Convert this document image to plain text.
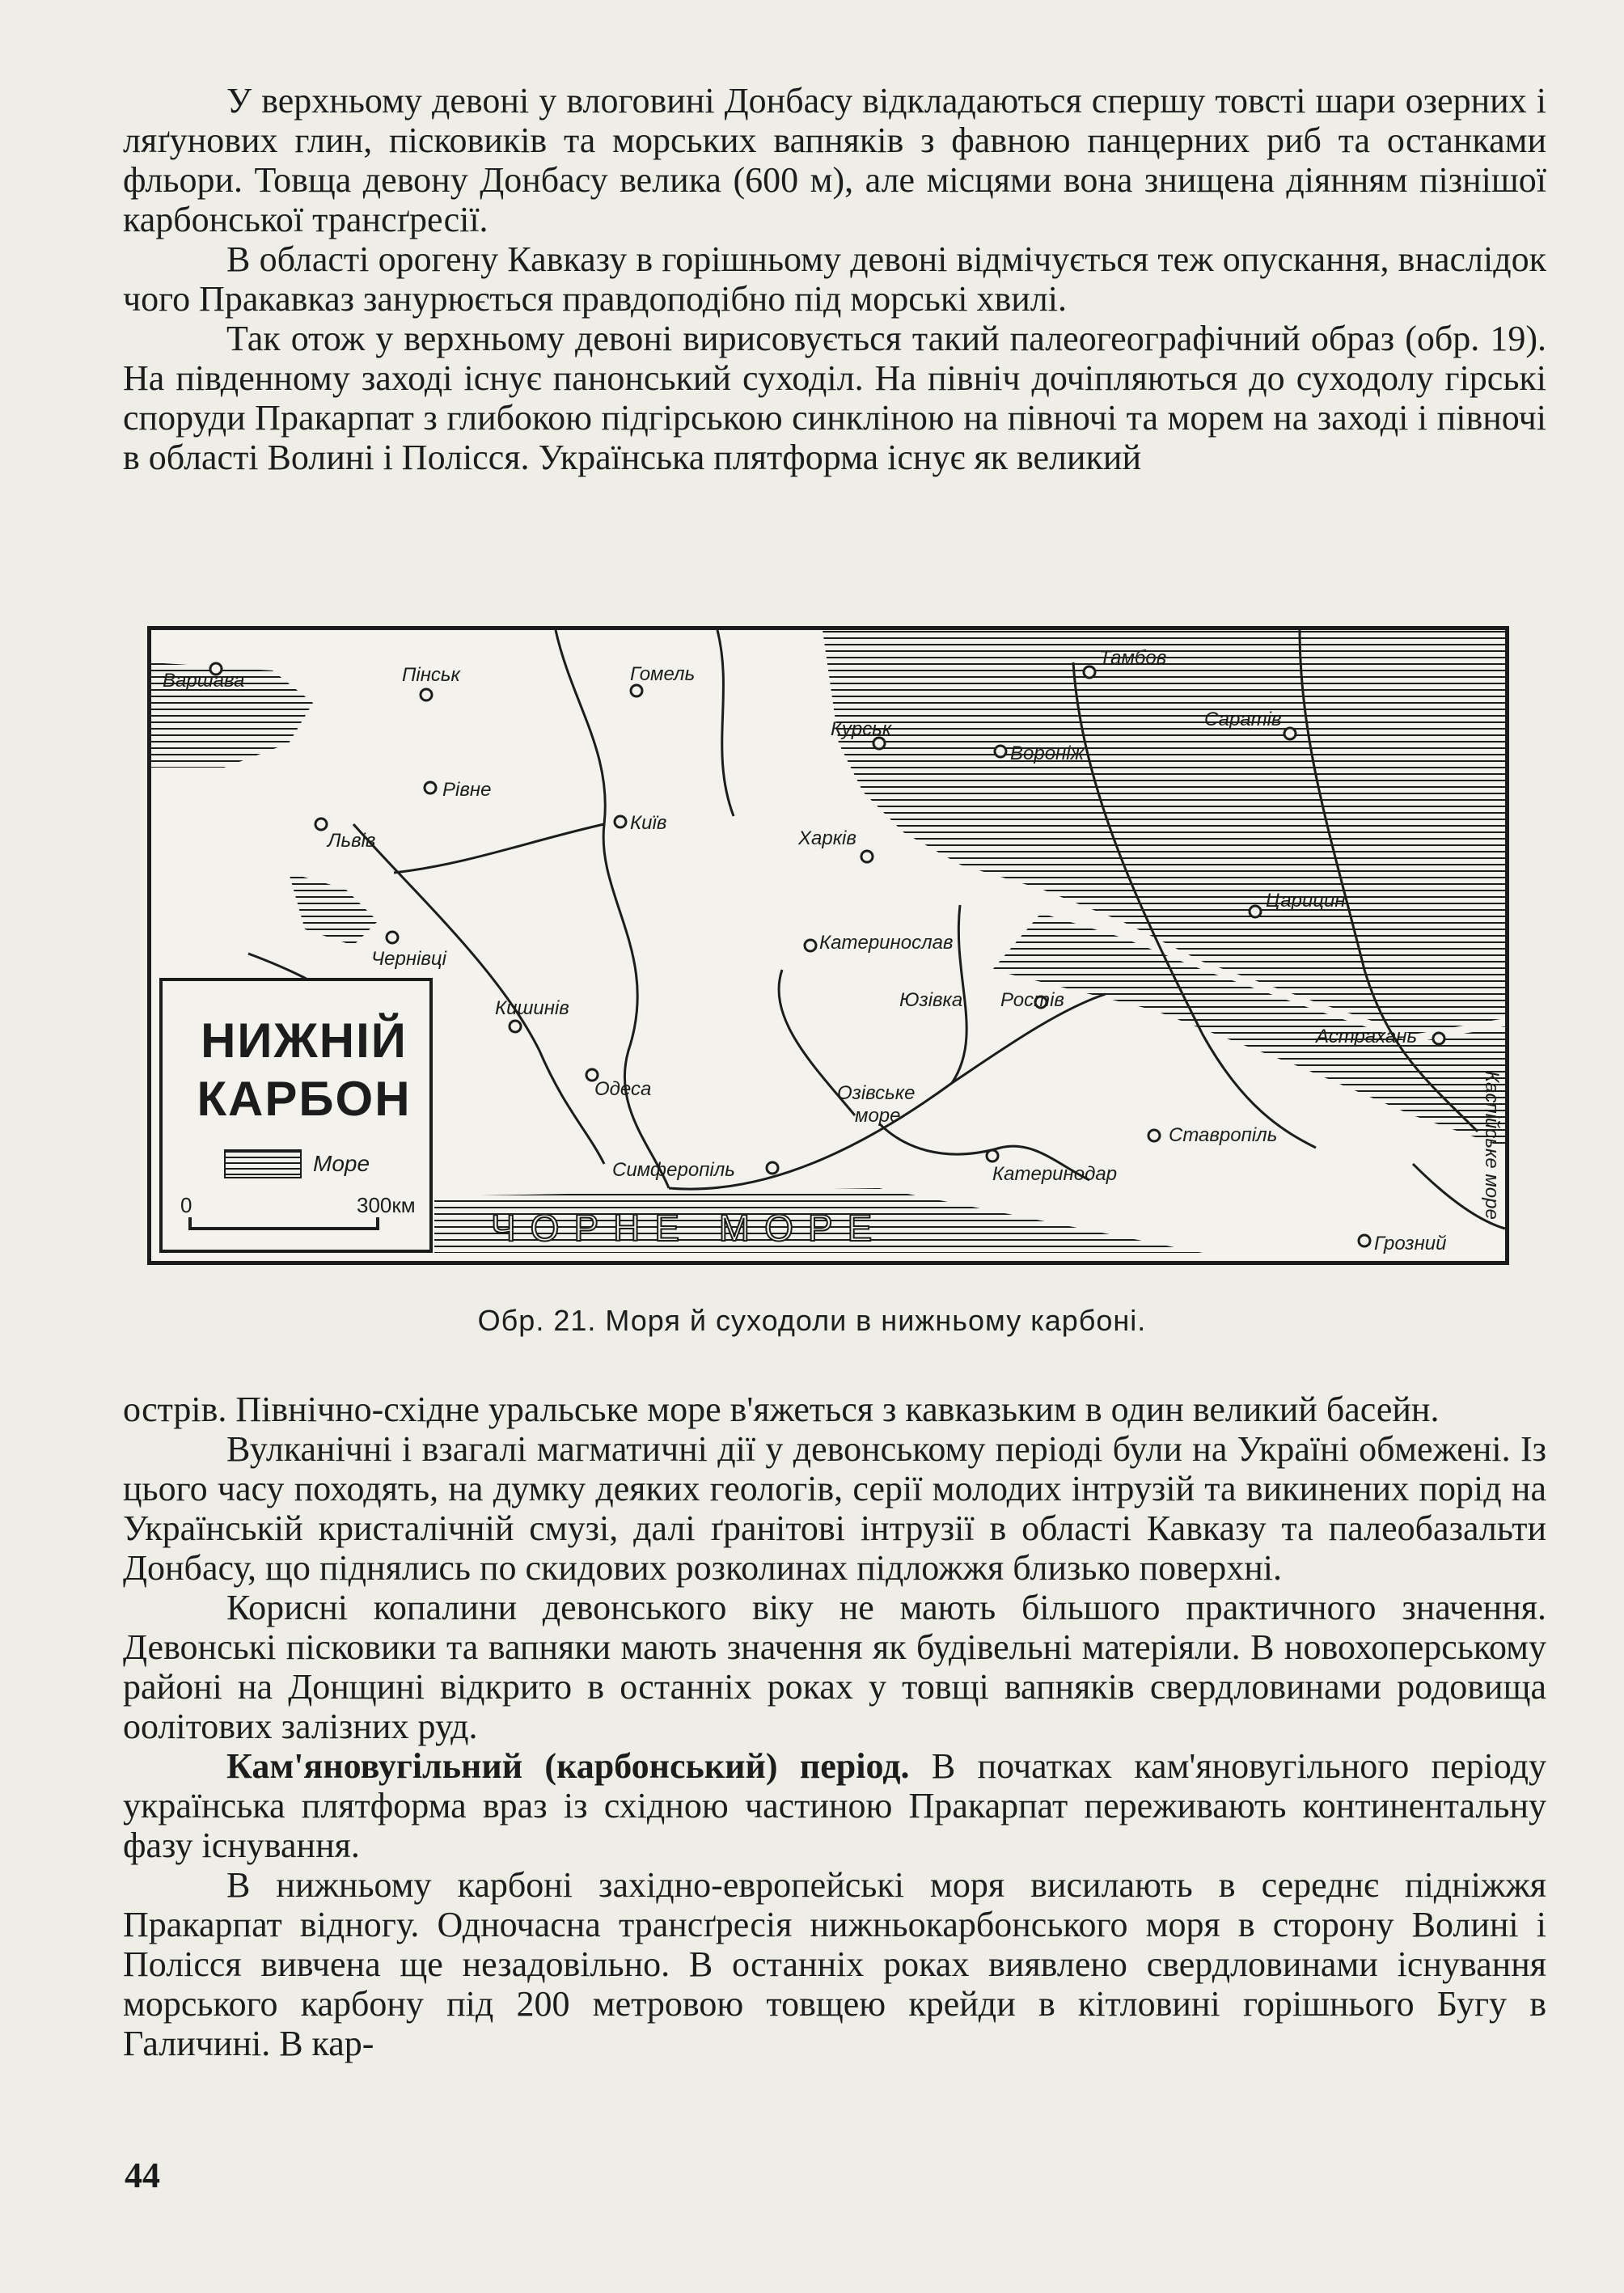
У верхньому девоні у влоговині Донбасу відкладаються спершу товсті шари озерних і ляґунових глин, пісковиків та морських вапняків з фавною панцерних риб та останками фльори. Товща девону Донбасу велика (600 м), але місцями вона знищена діянням пізнішої карбонської трансґресії.

В області орогену Кавказу в горішньому девоні відмічується теж опускання, внаслідок чого Пракавказ занурюється правдоподібно під морські хвилі.

Так отож у верхньому девоні вирисовується такий палеогеографічний образ (обр. 19). На південному заході існує панонський суходіл. На північ дочіпляються до суходолу гірські споруди Пракарпат з глибокою підгірською синкліною на півночі та морем на заході і півночі в області Волині і Полісся. Українська плятформа існує як великий

Варшава	Пінськ	Гомель
Тамбов
Саратів
Курськ
Воронiж
Рiвне
Львiв
Київ
Харкiв
Царицин
Катеринослав
Чернiвцi
Юзiвка Ростiв
Кишинiв
Астрахань
Одеса	Озiвське
море
Ставропiль
Симферопiль	Катеринодар
Грозний
Каспiйське море
ЧОРНЕ МОРЕ
НИЖНІЙ
КАРБОН
Море
0	300км
Обр. 21. Моря й суходоли в нижньому карбоні.

острів. Північно-східне уральське море в'яжеться з кавказьким в один великий басейн.

Вулканічні і взагалі магматичні дії у девонському періоді були на Україні обмежені. Із цього часу походять, на думку деяких геологів, серії молодих інтрузій та викинених порід на Українській кристалічній смузі, далі ґранітові інтрузії в області Кавказу та палеобазальти Донбасу, що піднялись по скидових розколинах підложжя близько поверхні.

Корисні копалини девонського віку не мають більшого практичного значення. Девонські пісковики та вапняки мають значення як будівельні матеріяли. В новохоперському районі на Донщині відкрито в останніх роках у товщі вапняків свердловинами родовища оолітових залізних руд.

Кам'яновугільний (карбонський) період. В початках кам'яновугільного періоду українська плятформа враз із східною частиною Пракарпат переживають континентальну фазу існування.

В нижньому карбоні західно-европейські моря висилають в середнє підніжжя Пракарпат відногу. Одночасна трансґресія нижньокарбонського моря в сторону Волині і Полісся вивчена ще незадовільно. В останніх роках виявлено свердловинами існування морського карбону під 200 метровою товщею крейди в кітловині горішнього Бугу в Галичині. В кар-

44
